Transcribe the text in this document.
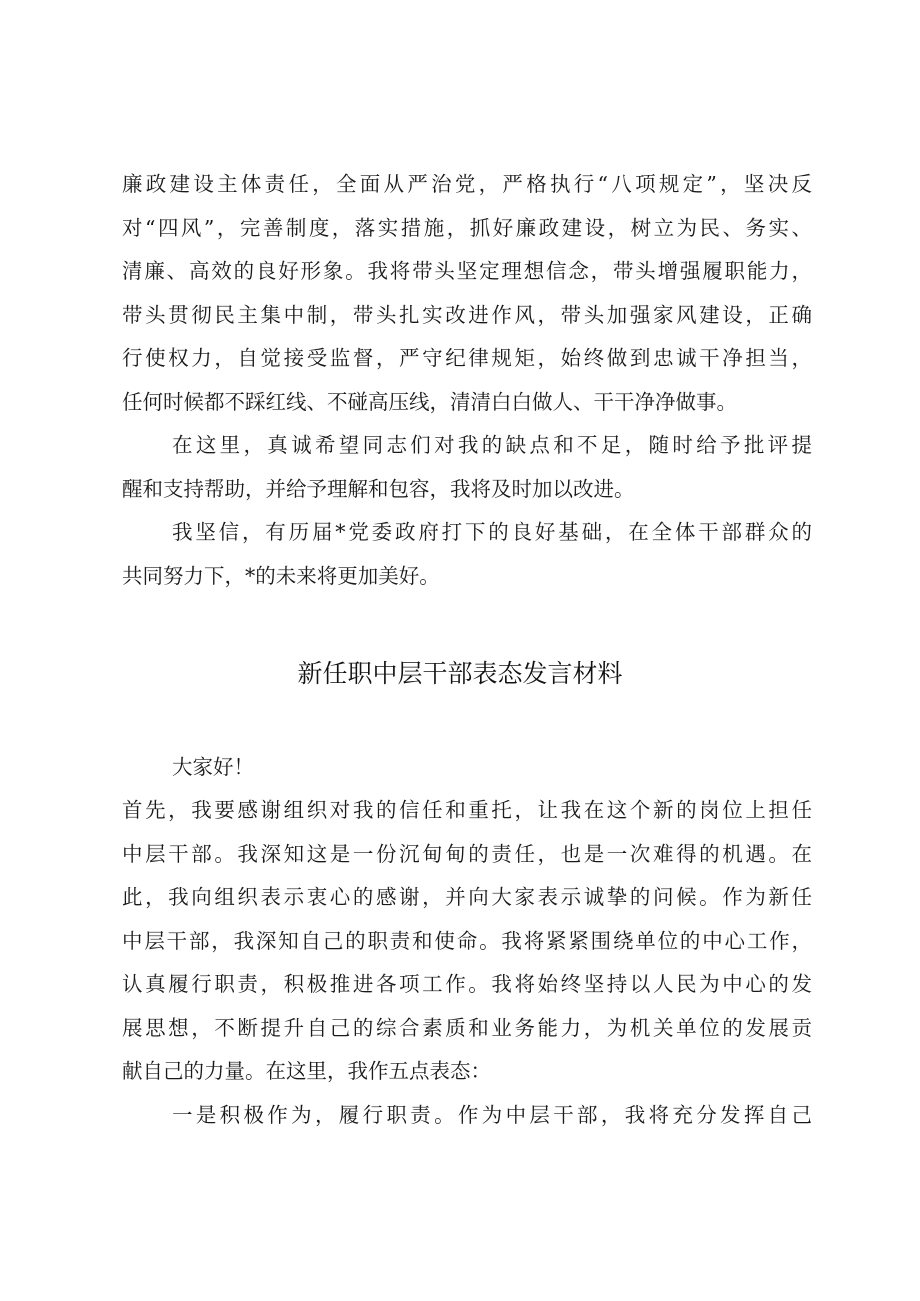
廉政建设主体责任，全面从严治党，严格执行“八项规定”，坚决反
对“四风”，完善制度，落实措施，抓好廉政建设，树立为民、务实、
清廉、高效的良好形象。我将带头坚定理想信念，带头增强履职能力，
带头贯彻民主集中制，带头扎实改进作风，带头加强家风建设，正确
行使权力，自觉接受监督，严守纪律规矩，始终做到忠诚干净担当，
任何时候都不踩红线、不碰高压线，清清白白做人、干干净净做事。
在这里，真诚希望同志们对我的缺点和不足，随时给予批评提
醒和支持帮助，并给予理解和包容，我将及时加以改进。
我坚信，有历届*党委政府打下的良好基础，在全体干部群众的
共同努力下，*的未来将更加美好。
新任职中层干部表态发言材料
大家好！
首先，我要感谢组织对我的信任和重托，让我在这个新的岗位上担任
中层干部。我深知这是一份沉甸甸的责任，也是一次难得的机遇。在
此，我向组织表示衷心的感谢，并向大家表示诚挚的问候。作为新任
中层干部，我深知自己的职责和使命。我将紧紧围绕单位的中心工作，
认真履行职责，积极推进各项工作。我将始终坚持以人民为中心的发
展思想，不断提升自己的综合素质和业务能力，为机关单位的发展贡
献自己的力量。在这里，我作五点表态：
一是积极作为，履行职责。作为中层干部，我将充分发挥自己
